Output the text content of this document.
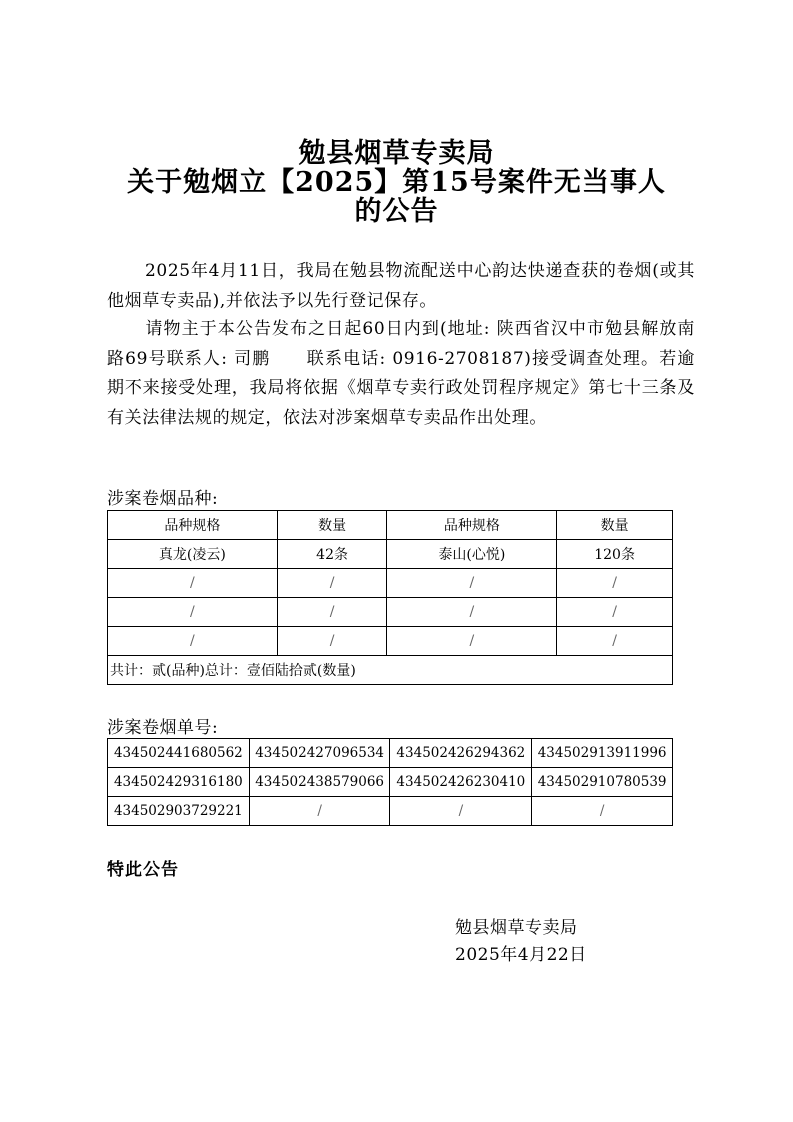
勉县烟草专卖局
关于勉烟立【2025】第15号案件无当事人
的公告
2025年4月11日，我局在勉县物流配送中心韵达快递查获的卷烟(或其他烟草专卖品),并依法予以先行登记保存。
请物主于本公告发布之日起60日内到(地址: 陕西省汉中市勉县解放南路69号联系人: 司鹏　　联系电话: 0916-2708187)接受调查处理。若逾期不来接受处理，我局将依据《烟草专卖行政处罚程序规定》第七十三条及有关法律法规的规定，依法对涉案烟草专卖品作出处理。
涉案卷烟品种:
品种规格	数量	品种规格	数量
真龙(凌云)	42条	泰山(心悦)	120条
/	/	/	/
/	/	/	/
/	/	/	/
共计：贰(品种)总计：壹佰陆拾贰(数量)			
涉案卷烟单号:
434502441680562	434502427096534	434502426294362	434502913911996
434502429316180	434502438579066	434502426230410	434502910780539
434502903729221	/	/	/
特此公告
勉县烟草专卖局
2025年4月22日
